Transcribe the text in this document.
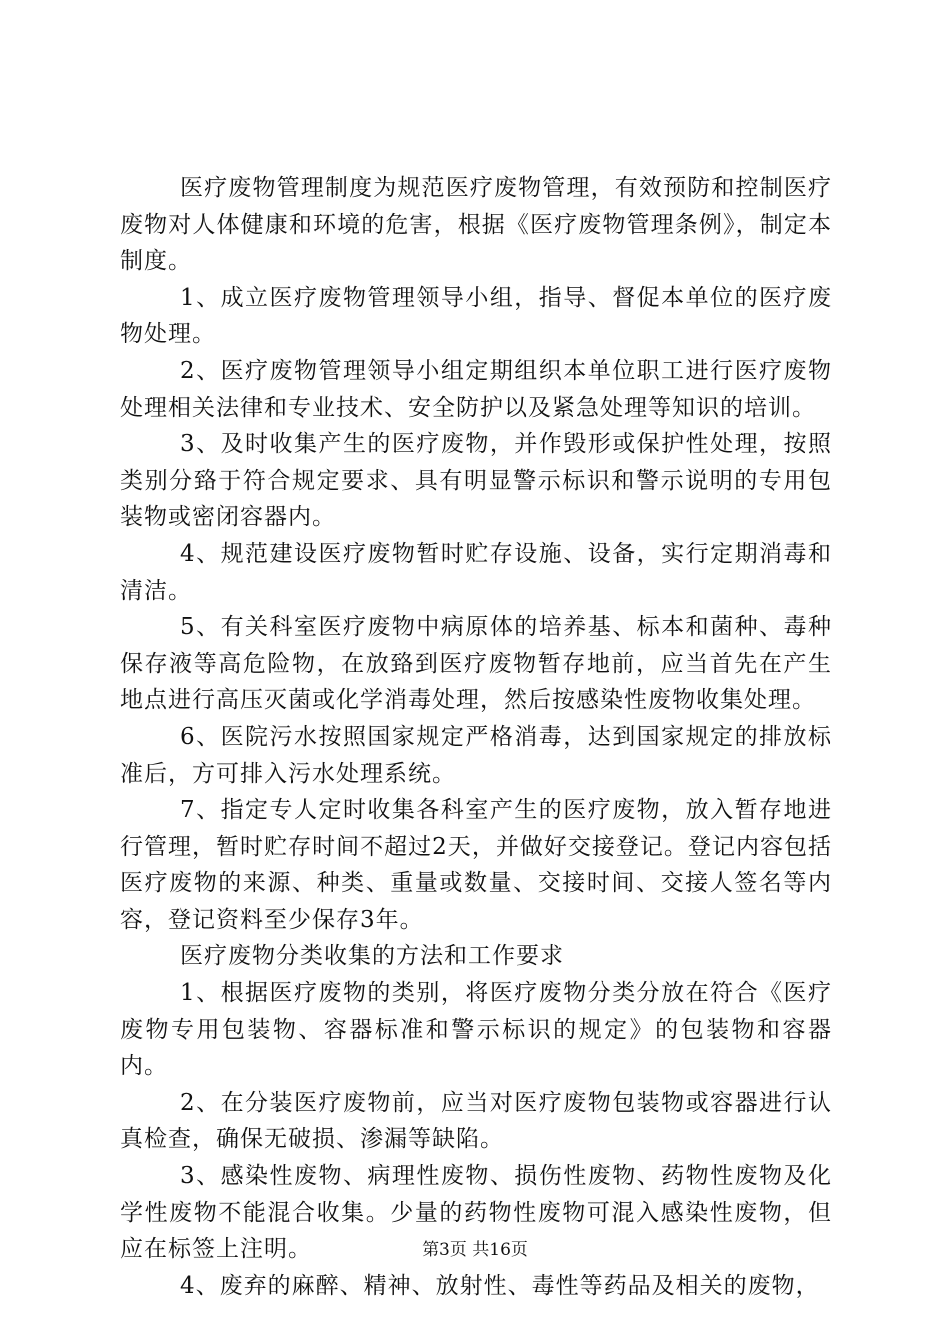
医疗废物管理制度为规范医疗废物管理，有效预防和控制医疗废物对人体健康和环境的危害，根据《医疗废物管理条例》，制定本制度。

1、成立医疗废物管理领导小组，指导、督促本单位的医疗废物处理。

2、医疗废物管理领导小组定期组织本单位职工进行医疗废物处理相关法律和专业技术、安全防护以及紧急处理等知识的培训。

3、及时收集产生的医疗废物，并作毁形或保护性处理，按照类别分臵于符合规定要求、具有明显警示标识和警示说明的专用包装物或密闭容器内。

4、规范建设医疗废物暂时贮存设施、设备，实行定期消毒和清洁。

5、有关科室医疗废物中病原体的培养基、标本和菌种、毒种保存液等高危险物，在放臵到医疗废物暂存地前，应当首先在产生地点进行高压灭菌或化学消毒处理，然后按感染性废物收集处理。

6、医院污水按照国家规定严格消毒，达到国家规定的排放标准后，方可排入污水处理系统。

7、指定专人定时收集各科室产生的医疗废物，放入暂存地进行管理，暂时贮存时间不超过2天，并做好交接登记。登记内容包括医疗废物的来源、种类、重量或数量、交接时间、交接人签名等内容，登记资料至少保存3年。

医疗废物分类收集的方法和工作要求

1、根据医疗废物的类别，将医疗废物分类分放在符合《医疗废物专用包装物、容器标准和警示标识的规定》的包装物和容器内。

2、在分装医疗废物前，应当对医疗废物包装物或容器进行认真检查，确保无破损、渗漏等缺陷。

3、感染性废物、病理性废物、损伤性废物、药物性废物及化学性废物不能混合收集。少量的药物性废物可混入感染性废物，但应在标签上注明。

4、废弃的麻醉、精神、放射性、毒性等药品及相关的废物，

第3页 共16页
